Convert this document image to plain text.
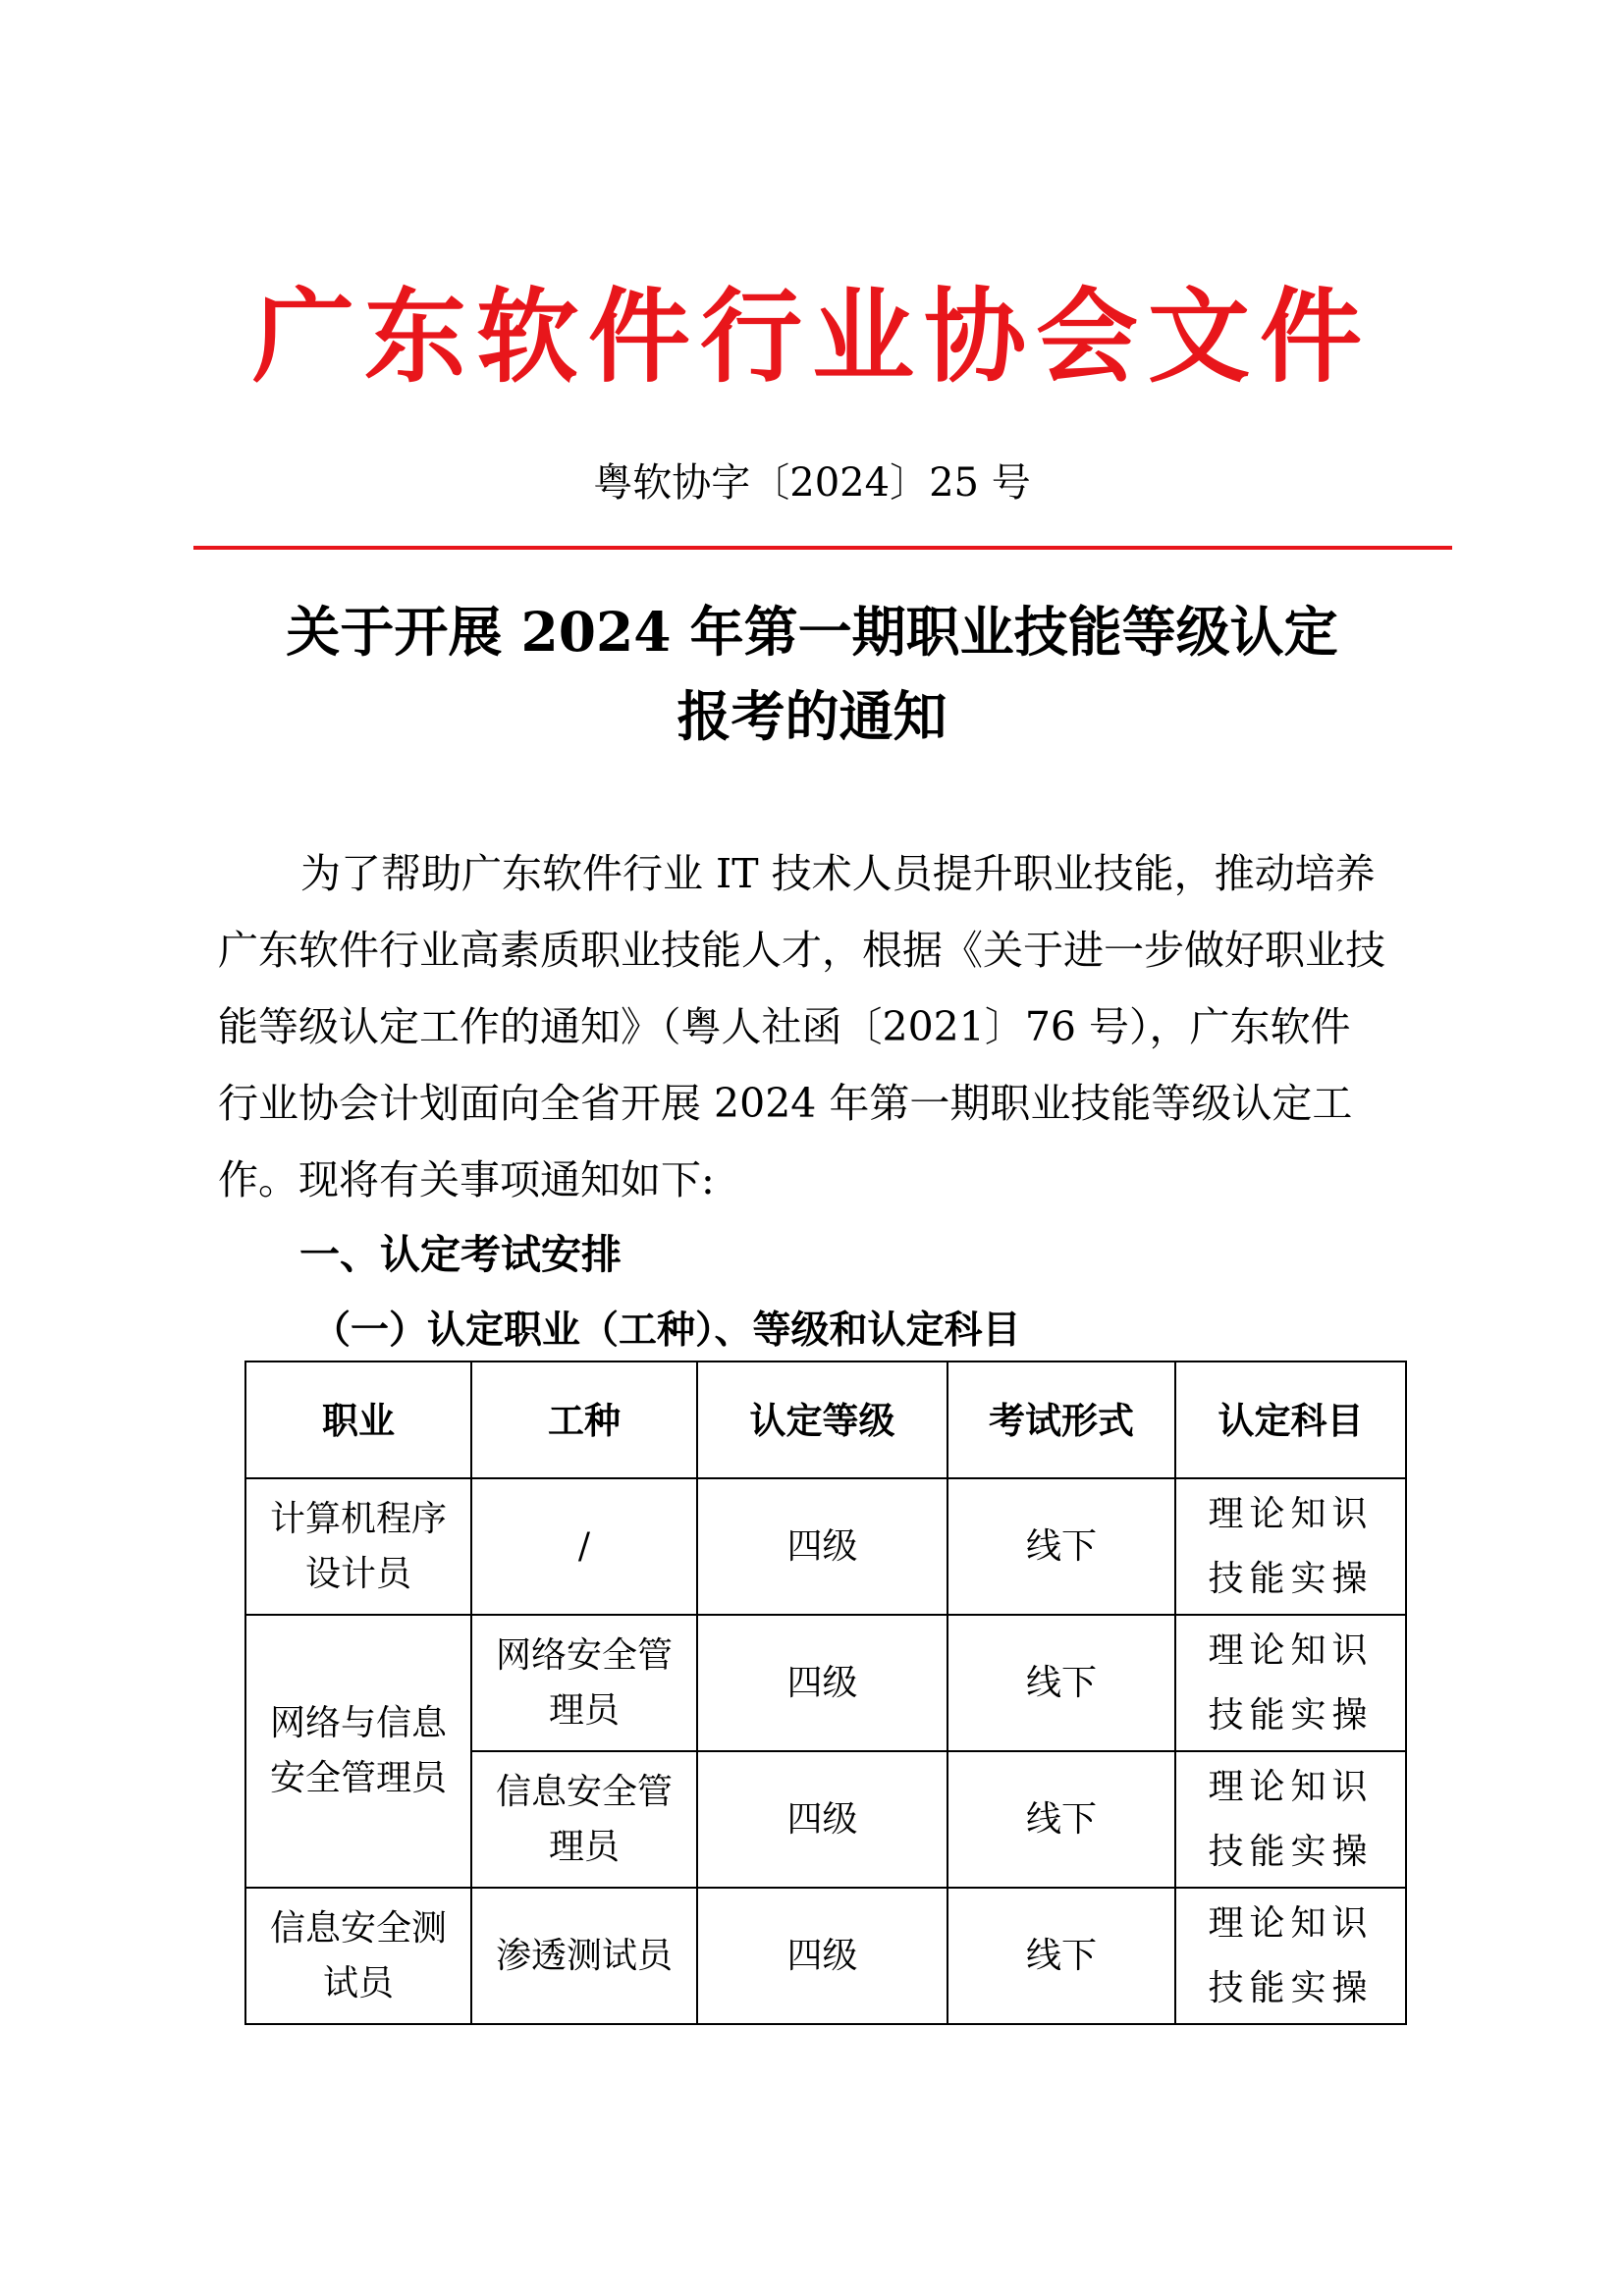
广东软件行业协会文件
粤软协字〔2024〕25 号
关于开展 2024 年第一期职业技能等级认定
报考的通知
为了帮助广东软件行业 IT 技术人员提升职业技能，推动培养
广东软件行业高素质职业技能人才，根据《关于进一步做好职业技
能等级认定工作的通知》（粤人社函〔2021〕76 号），广东软件
行业协会计划面向全省开展 2024 年第一期职业技能等级认定工
作。现将有关事项通知如下:
一、认定考试安排
（一）认定职业（工种）、等级和认定科目
职业	工种	认定等级	考试形式	认定科目

计算机程序
设计员	/	四级	线下	理论知识
技能实操

网络与信息
安全管理员	网络安全管
理员	四级	线下	理论知识
技能实操

	信息安全管
理员	四级	线下	理论知识
技能实操

信息安全测
试员	渗透测试员	四级	线下	理论知识
技能实操
